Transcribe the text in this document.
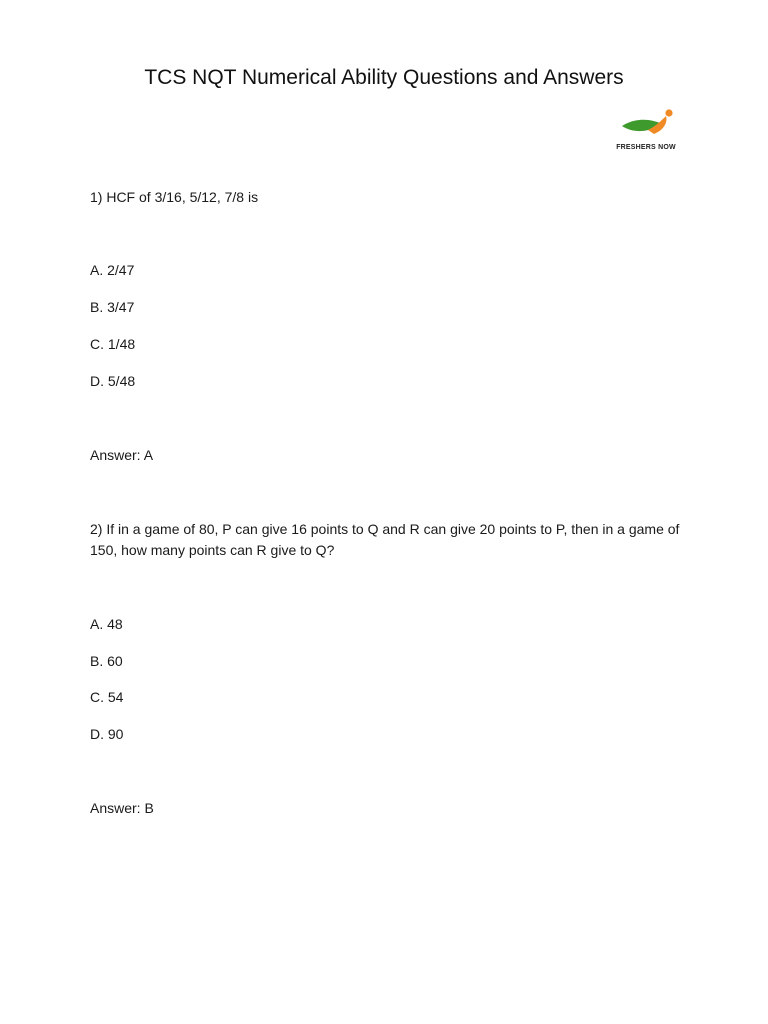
TCS NQT Numerical Ability Questions and Answers
FRESHERS NOW
1) HCF of 3/16, 5/12, 7/8 is
A. 2/47
B. 3/47
C. 1/48
D. 5/48
Answer: A
2) If in a game of 80, P can give 16 points to Q and R can give 20 points to P, then in a game of 150, how many points can R give to Q?
A. 48
B. 60
C. 54
D. 90
Answer: B
